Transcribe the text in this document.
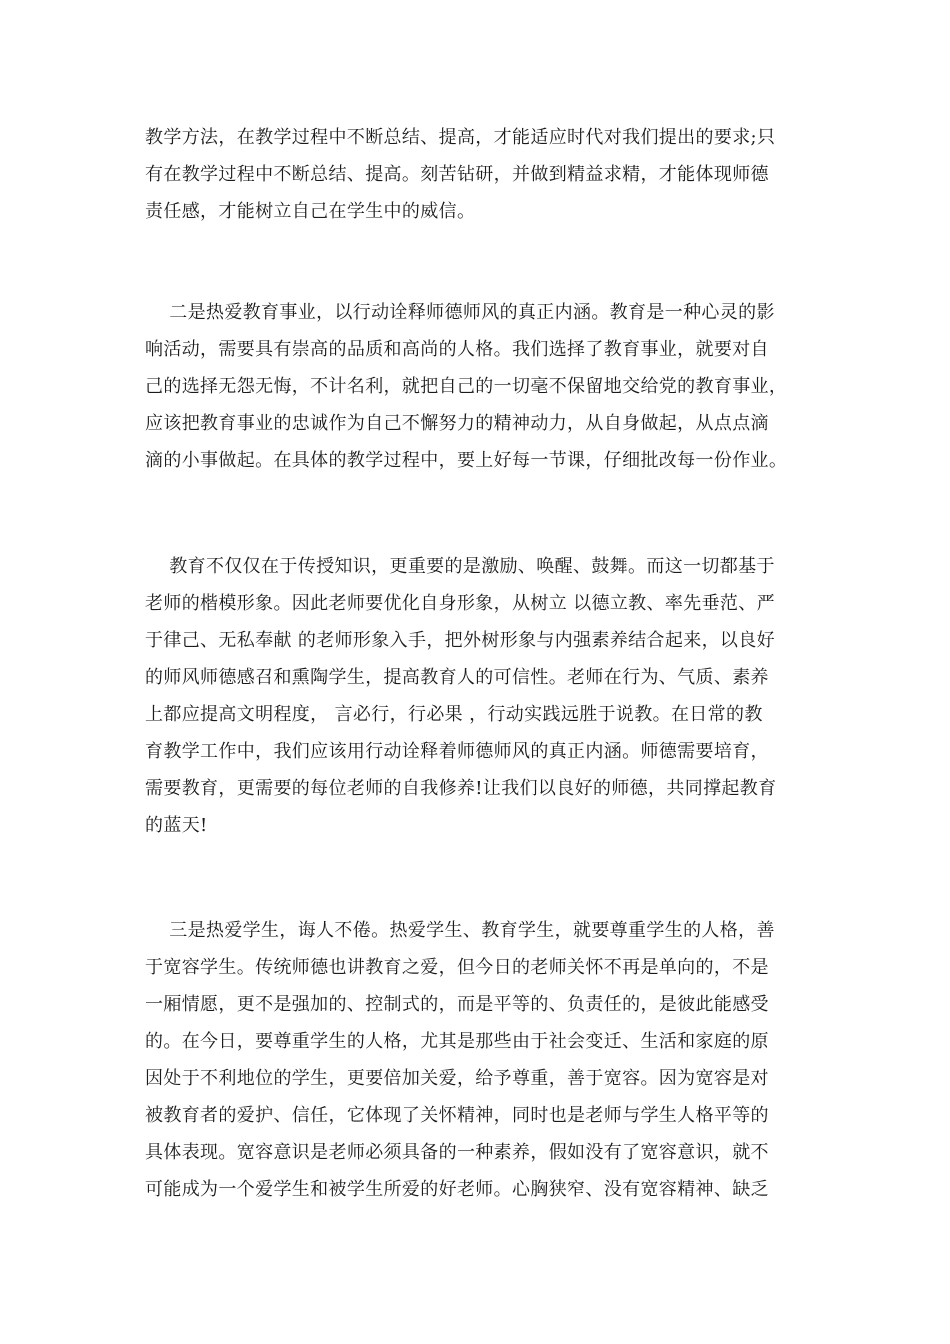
教学方法，在教学过程中不断总结、提高，才能适应时代对我们提出的要求;只
有在教学过程中不断总结、提高。刻苦钻研，并做到精益求精，才能体现师德
责任感，才能树立自己在学生中的威信。
二是热爱教育事业，以行动诠释师德师风的真正内涵。教育是一种心灵的影
响活动，需要具有崇高的品质和高尚的人格。我们选择了教育事业，就要对自
己的选择无怨无悔，不计名利，就把自己的一切毫不保留地交给党的教育事业，
应该把教育事业的忠诚作为自己不懈努力的精神动力，从自身做起，从点点滴
滴的小事做起。在具体的教学过程中，要上好每一节课，仔细批改每一份作业。
教育不仅仅在于传授知识，更重要的是激励、唤醒、鼓舞。而这一切都基于
老师的楷模形象。因此老师要优化自身形象，从树立 以德立教、率先垂范、严
于律己、无私奉献 的老师形象入手，把外树形象与内强素养结合起来，以良好
的师风师德感召和熏陶学生，提高教育人的可信性。老师在行为、气质、素养
上都应提高文明程度， 言必行，行必果 ，行动实践远胜于说教。在日常的教
育教学工作中，我们应该用行动诠释着师德师风的真正内涵。师德需要培育，
需要教育，更需要的每位老师的自我修养!让我们以良好的师德，共同撑起教育
的蓝天!
三是热爱学生，诲人不倦。热爱学生、教育学生，就要尊重学生的人格，善
于宽容学生。传统师德也讲教育之爱，但今日的老师关怀不再是单向的，不是
一厢情愿，更不是强加的、控制式的，而是平等的、负责任的，是彼此能感受
的。在今日，要尊重学生的人格，尤其是那些由于社会变迁、生活和家庭的原
因处于不利地位的学生，更要倍加关爱，给予尊重，善于宽容。因为宽容是对
被教育者的爱护、信任，它体现了关怀精神，同时也是老师与学生人格平等的
具体表现。宽容意识是老师必须具备的一种素养，假如没有了宽容意识，就不
可能成为一个爱学生和被学生所爱的好老师。心胸狭窄、没有宽容精神、缺乏
